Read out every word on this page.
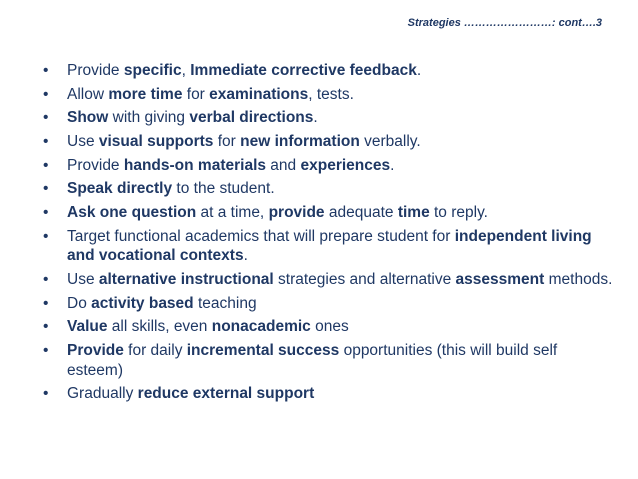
Strategies ……………………: cont….3
• Provide specific, Immediate corrective feedback.
• Allow more time for examinations, tests.
• Show with giving verbal directions.
• Use visual supports for new information verbally.
• Provide hands-on materials and experiences.
• Speak directly to the student.
• Ask one question at a time, provide adequate time to reply.
• Target functional academics that will prepare student for independent living and vocational contexts.
• Use alternative instructional strategies and alternative assessment methods.
• Do activity based teaching
• Value all skills, even nonacademic ones
• Provide for daily incremental success opportunities (this will build self esteem)
• Gradually reduce external support
